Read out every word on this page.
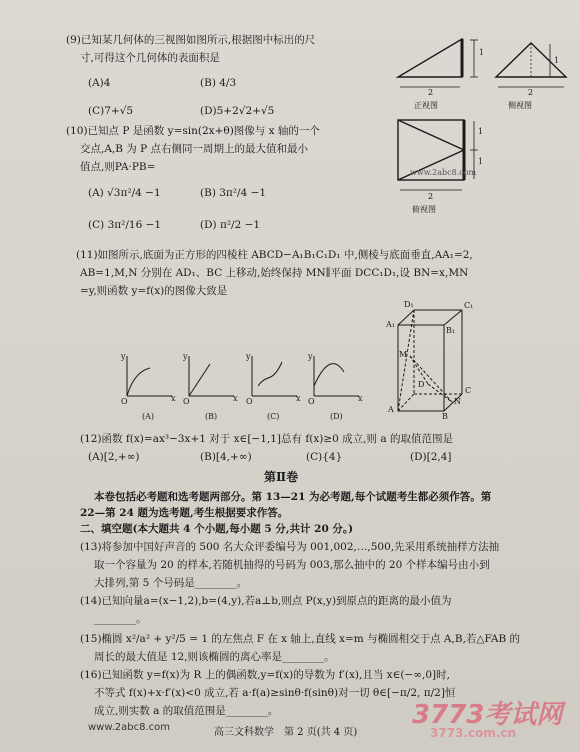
(9)已知某几何体的三视图如图所示,根据图中标出的尺
寸,可得这个几何体的表面积是
(A)4	(B) 4/3
(C)7+√5	(D)5+2√2+√5
1
2
1
2
正视图	侧视图
1
1
2
俯视图
(10)已知点 P 是函数 y=sin(2x+θ)图像与 x 轴的一个
交点,A,B 为 P 点右侧同一周期上的最大值和最小
值点,则PA·PB=
(A) √3π²/4 −1	(B) 3π²/4 −1
(C) 3π²/16 −1	(D) π²/2 −1
www.2abc8.com
(11)如图所示,底面为正方形的四棱柱 ABCD−A₁B₁C₁D₁ 中,侧棱与底面垂直,AA₁=2,
AB=1,M,N 分别在 AD₁、BC 上移动,始终保持 MN∥平面 DCC₁D₁,设 BN=x,MN
=y,则函数 y=f(x)的图像大致是
y
x
O
y
x
O
y
x
O
y
x
O
(A)	(B)	(C)	(D)
D₁	C₁
A₁
B₁
M
D
C
A
N
B
(12)函数 f(x)=ax³−3x+1 对于 x∈[−1,1]总有 f(x)≥0 成立,则 a 的取值范围是
(A)[2,+∞)	(B)[4,+∞)	(C){4}	(D)[2,4]
第Ⅱ卷
本卷包括必考题和选考题两部分。第 13—21 为必考题,每个试题考生都必须作答。第
22—第 24 题为选考题,考生根据要求作答。
二、填空题(本大题共 4 个小题,每小题 5 分,共计 20 分。)
(13)将参加中国好声音的 500 名大众评委编号为 001,002,…,500,先采用系统抽样方法抽
取一个容量为 20 的样本,若随机抽得的号码为 003,那么抽中的 20 个样本编号由小到
大排列,第 5 个号码是________。
(14)已知向量a=(x−1,2),b=(4,y),若a⊥b,则点 P(x,y)到原点的距离的最小值为
________。
(15)椭圆 x²/a² + y²/5 = 1 的左焦点 F 在 x 轴上,直线 x=m 与椭圆相交于点 A,B,若△FAB 的
周长的最大值是 12,则该椭圆的离心率是________。
(16)已知函数 y=f(x)为 R 上的偶函数,y=f(x)的导数为 f′(x),且当 x∈(−∞,0]时,
不等式 f(x)+x·f′(x)<0 成立,若 a·f(a)≥sinθ·f(sinθ)对一切 θ∈[−π/2, π/2]恒
成立,则实数 a 的取值范围是________。
高三文科数学　第 2 页(共 4 页)
www.2abc8.com	3773考试网
3773.com.cn
